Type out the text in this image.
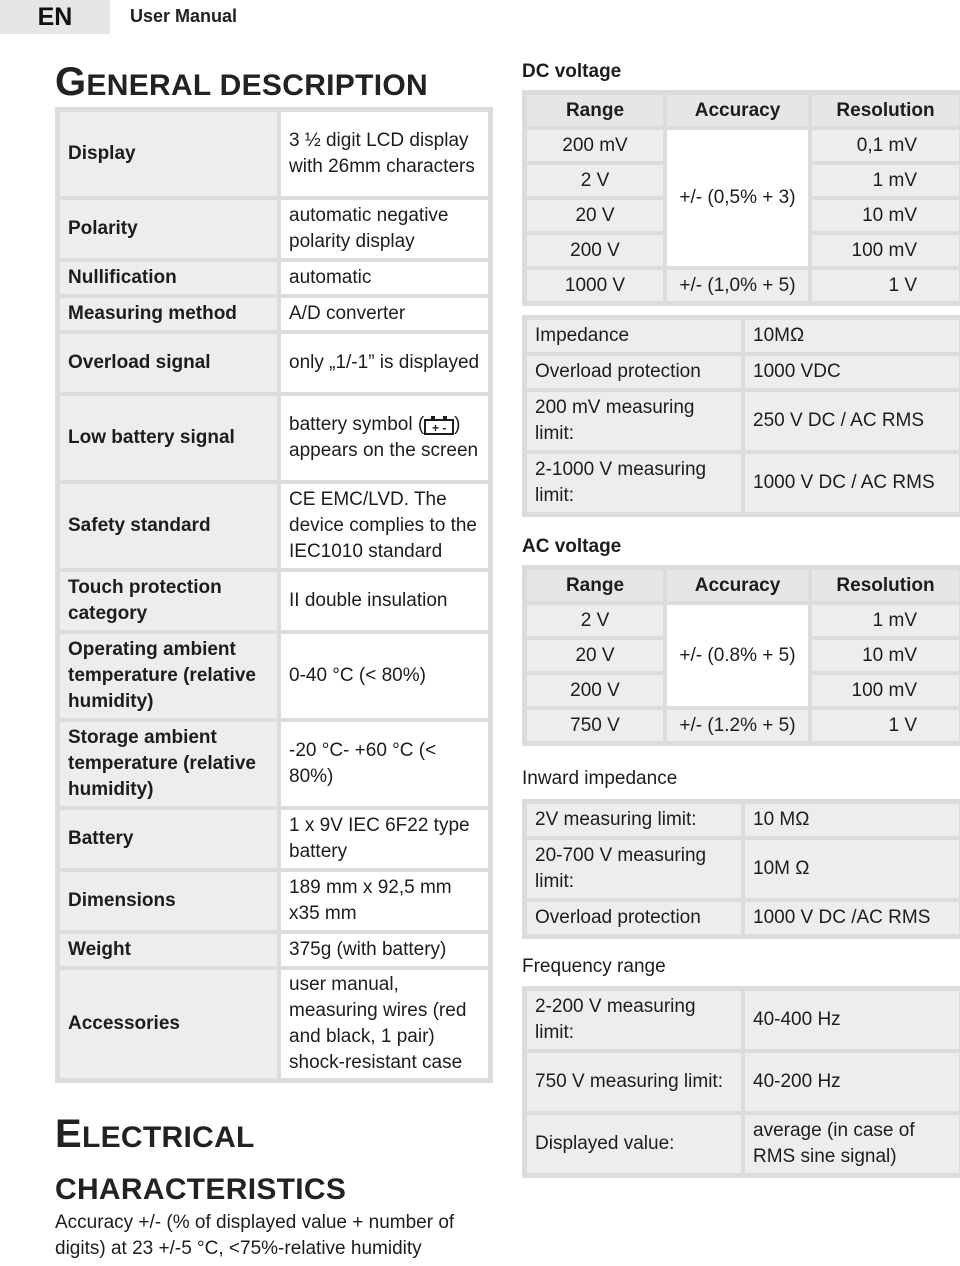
EN	User Manual
GENERAL DESCRIPTION
Display	3 ½ digit LCD display with 26mm characters
Polarity	automatic negative polarity display
Nullification	automatic
Measuring method	A/D converter
Overload signal	only „1/-1” is displayed
Low battery signal	battery symbol ( + - ) appears on the screen
Safety standard	CE EMC/LVD. The device complies to the IEC1010 standard
Touch protection category	II double insulation
Operating ambient temperature (relative humidity)	0-40 °C (< 80%)
Storage ambient temperature (relative humidity)	-20 °C- +60 °C (< 80%)
Battery	1 x 9V IEC 6F22 type battery
Dimensions	189 mm x 92,5 mm x35 mm
Weight	375g (with battery)
Accessories	user manual, measuring wires (red and black, 1 pair) shock-resistant case
ELECTRICAL
CHARACTERISTICS
Accuracy +/- (% of displayed value + number of digits) at 23 +/-5 °C, <75%-relative humidity
DC voltage
Range	Accuracy	Resolution
200 mV	+/- (0,5% + 3)	0,1 mV
2 V		1 mV
20 V		10 mV
200 V		100 mV
1000 V	+/- (1,0% + 5)	1 V
Impedance	10MΩ
Overload protection	1000 VDC
200 mV measuring limit:	250 V DC / AC RMS
2-1000 V measuring limit:	1000 V DC / AC RMS
AC voltage
Range	Accuracy	Resolution
2 V	+/- (0.8% + 5)	1 mV
20 V		10 mV
200 V		100 mV
750 V	+/- (1.2% + 5)	1 V
Inward impedance
2V measuring limit:	10 MΩ
20-700 V measuring limit:	10M Ω
Overload protection	1000 V DC /AC RMS
Frequency range
2-200 V measuring limit:	40-400 Hz
750 V measuring limit:	40-200 Hz
Displayed value:	average (in case of RMS sine signal)
